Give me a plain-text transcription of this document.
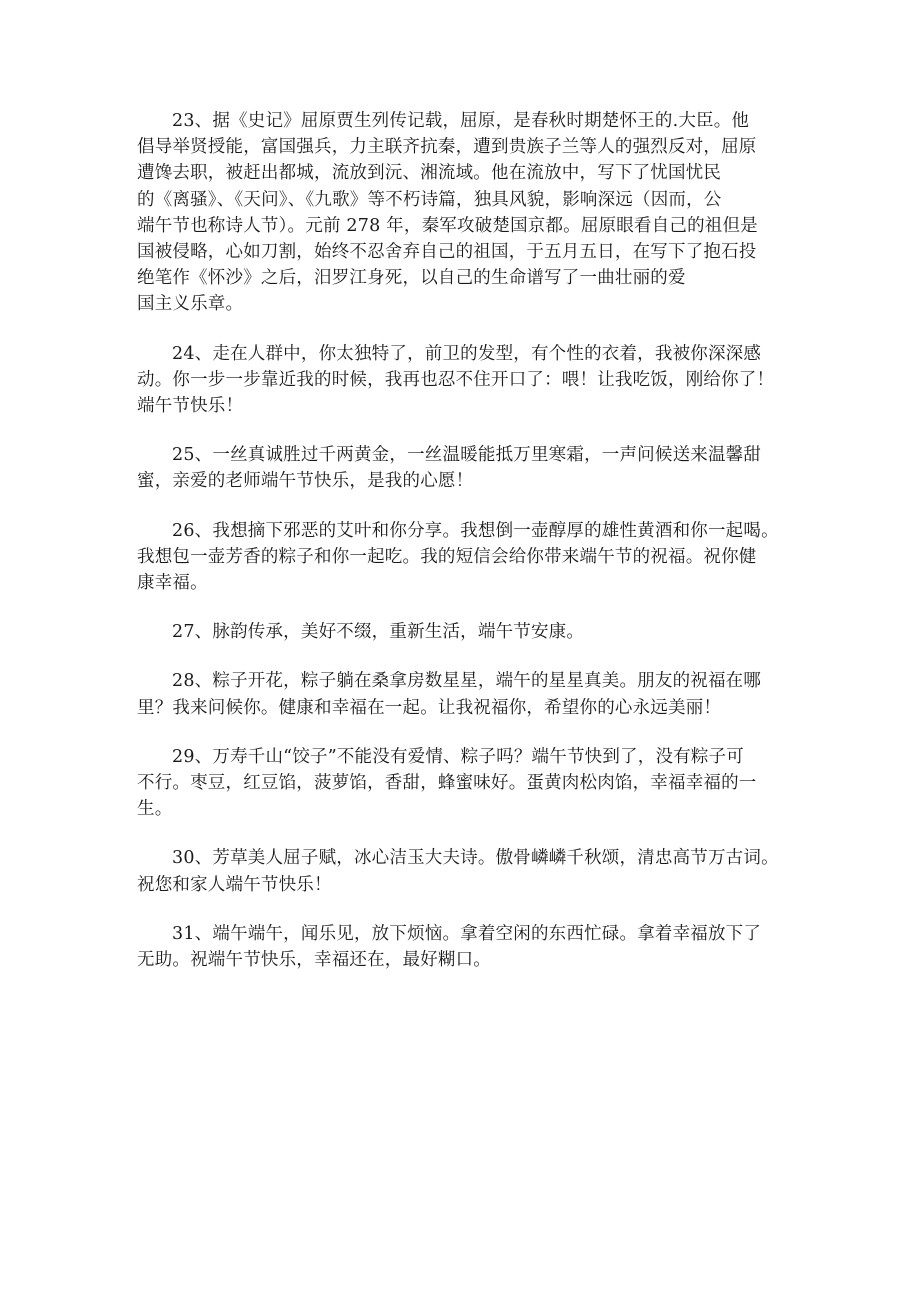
23、据《史记》屈原贾生列传记载，屈原，是春秋时期楚怀王的.大臣。他
倡导举贤授能，富国强兵，力主联齐抗秦，遭到贵族子兰等人的强烈反对，屈原
遭馋去职，被赶出都城，流放到沅、湘流域。他在流放中，写下了忧国忧民
的《离骚》、《天问》、《九歌》等不朽诗篇，独具风貌，影响深远（因而，公
端午节也称诗人节）。元前 278 年，秦军攻破楚国京都。屈原眼看自己的祖但是
国被侵略，心如刀割，始终不忍舍弃自己的祖国，于五月五日，在写下了抱石投
绝笔作《怀沙》之后，汨罗江身死，以自己的生命谱写了一曲壮丽的爱
国主义乐章。

24、走在人群中，你太独特了，前卫的发型，有个性的衣着，我被你深深感
动。你一步一步靠近我的时候，我再也忍不住开口了：喂！让我吃饭，刚给你了！
端午节快乐！

25、一丝真诚胜过千两黄金，一丝温暖能抵万里寒霜，一声问候送来温馨甜
蜜，亲爱的老师端午节快乐，是我的心愿！

26、我想摘下邪恶的艾叶和你分享。我想倒一壶醇厚的雄性黄酒和你一起喝。
我想包一壶芳香的粽子和你一起吃。我的短信会给你带来端午节的祝福。祝你健
康幸福。

27、脉韵传承，美好不缀，重新生活，端午节安康。

28、粽子开花，粽子躺在桑拿房数星星，端午的星星真美。朋友的祝福在哪
里？我来问候你。健康和幸福在一起。让我祝福你，希望你的心永远美丽！

29、万寿千山“饺子”不能没有爱情、粽子吗？端午节快到了，没有粽子可
不行。枣豆，红豆馅，菠萝馅，香甜，蜂蜜味好。蛋黄肉松肉馅，幸福幸福的一
生。

30、芳草美人屈子赋，冰心洁玉大夫诗。傲骨嶙嶙千秋颂，清忠高节万古词。
祝您和家人端午节快乐！

31、端午端午，闻乐见，放下烦恼。拿着空闲的东西忙碌。拿着幸福放下了
无助。祝端午节快乐，幸福还在，最好糊口。
